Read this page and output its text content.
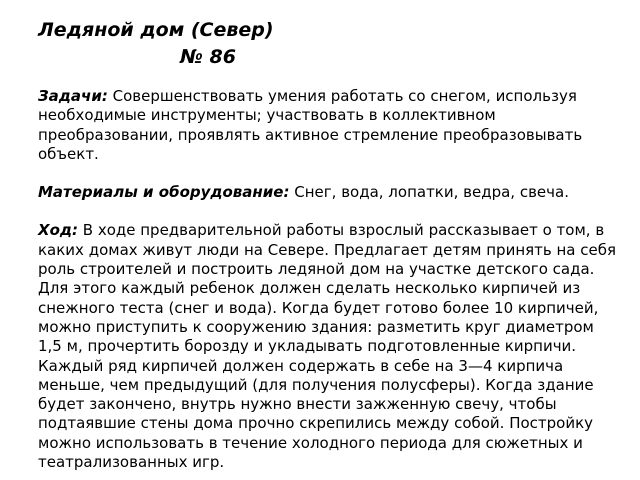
Ледяной дом (Север)
№ 86

Задачи: Совершенствовать умения работать со снегом, используя необходимые инструменты; участвовать в коллективном преобразовании, проявлять активное стремление преобразовывать объект.

Материалы и оборудование: Снег, вода, лопатки, ведра, свеча.

Ход: В ходе предварительной работы взрослый рассказывает о том, в каких домах живут люди на Севере. Предлагает детям принять на себя роль строителей и построить ледяной дом на участке детского сада. Для этого каждый ребенок должен сделать несколько кирпичей из снежного теста (снег и вода). Когда будет готово более 10 кирпичей, можно приступить к сооружению здания: разметить круг диаметром 1,5 м, прочертить борозду и укладывать подготовленные кирпичи. Каждый ряд кирпичей должен содержать в себе на 3—4 кирпича меньше, чем предыдущий (для получения полусферы). Когда здание будет закончено, внутрь нужно внести зажженную свечу, чтобы подтаявшие стены дома прочно скрепились между собой. Постройку можно использовать в течение холодного периода для сюжетных и театрализованных игр.
